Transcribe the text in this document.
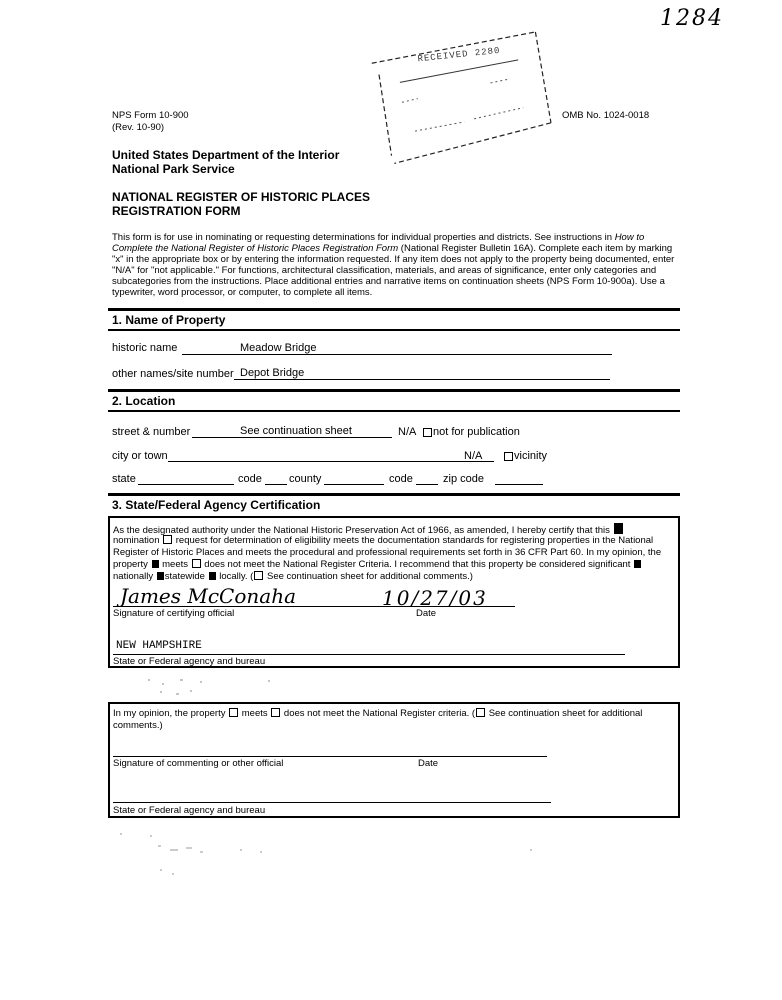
1284
RECEIVED 2280
NPS Form 10-900
(Rev. 10-90)
OMB No. 1024-0018
United States Department of the Interior
National Park Service
NATIONAL REGISTER OF HISTORIC PLACES
REGISTRATION FORM
This form is for use in nominating or requesting determinations for individual properties and districts. See instructions in How to Complete the National Register of Historic Places Registration Form (National Register Bulletin 16A). Complete each item by marking "x" in the appropriate box or by entering the information requested. If any item does not apply to the property being documented, enter "N/A" for "not applicable." For functions, architectural classification, materials, and areas of significance, enter only categories and subcategories from the instructions. Place additional entries and narrative items on continuation sheets (NPS Form 10-900a). Use a typewriter, word processor, or computer, to complete all items.
1. Name of Property
historic name	Meadow Bridge
other names/site number Depot Bridge
2. Location
street & number	See continuation sheet	N/A not for publication
city or town	N/A	vicinity
state	code county	code	zip code
3. State/Federal Agency Certification
As the designated authority under the National Historic Preservation Act of 1966, as amended, I hereby certify that this
nomination request for determination of eligibility meets the documentation standards for registering properties in the National
Register of Historic Places and meets the procedural and professional requirements set forth in 36 CFR Part 60. In my opinion, the
property meets does not meet the National Register Criteria. I recommend that this property be considered significant
nationally statewide locally. ( See continuation sheet for additional comments.)
James McConaha	10/27/03
Signature of certifying official	Date
NEW HAMPSHIRE
State or Federal agency and bureau
In my opinion, the property meets does not meet the National Register criteria. ( See continuation sheet for additional
comments.)
Signature of commenting or other official	Date
State or Federal agency and bureau
